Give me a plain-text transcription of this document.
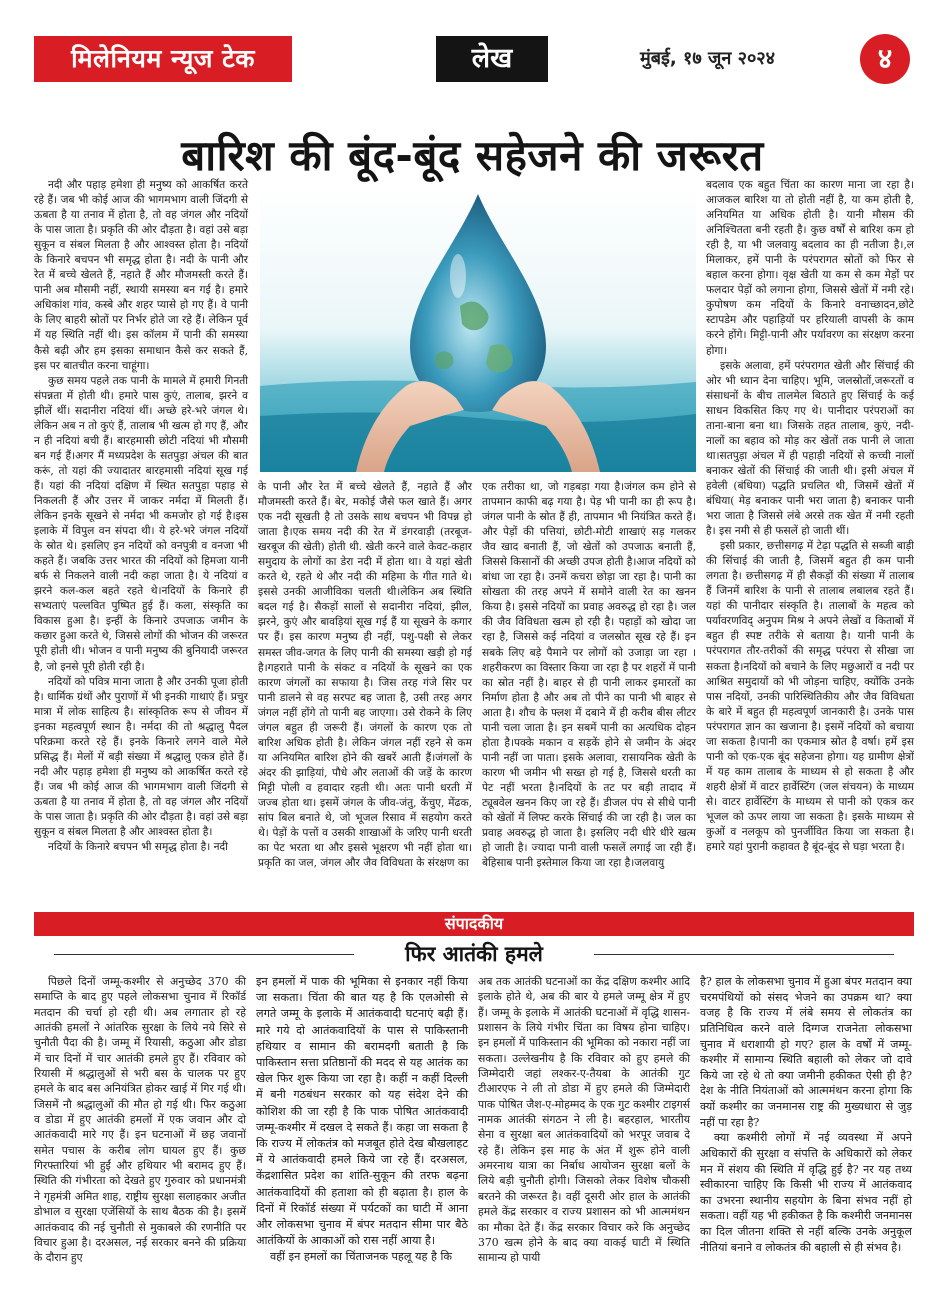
मिलेनियम न्यूज टेक	लेख	मुंबई, १७ जून २०२४	४
बारिश की बूंद-बूंद सहेजने की जरूरत

नदी और पहाड़ हमेशा ही मनुष्य को आकर्षित करते रहे हैं। जब भी कोई आज की भागमभाग वाली जिंदगी से ऊबता है या तनाव में होता है, तो वह जंगल और नदियों के पास जाता है। प्रकृति की ओर दौड़ता है। वहां उसे बड़ा सुकून व संबल मिलता है और आश्वस्त होता है। नदियों के किनारे बचपन भी समृद्ध होता है। नदी के पानी और रेत में बच्चे खेलते हैं, नहाते हैं और मौजमस्ती करते हैं।पानी अब मौसमी नहीं, स्थायी समस्या बन गई है। हमारे अधिकांश गांव, कस्बे और शहर प्यासे हो गए हैं। वे पानी के लिए बाहरी स्रोतों पर निर्भर होते जा रहे हैं। लेकिन पूर्व में यह स्थिति नहीं थी। इस कॉलम में पानी की समस्या कैसे बढ़ी और हम इसका समाधान कैसे कर सकते हैं, इस पर बातचीत करना चाहूंगा।

कुछ समय पहले तक पानी के मामले में हमारी गिनती संपन्नता में होती थी। हमारे पास कुएं, तालाब, झरने व झीलें थीं। सदानीरा नदियां थीं। अच्छे हरे-भरे जंगल थे। लेकिन अब न तो कुएं हैं, तालाब भी खत्म हो गए हैं, और न ही नदियां बची हैं। बारहमासी छोटी नदियां भी मौसमी बन गई हैं।अगर मैं मध्यप्रदेश के सतपुड़ा अंचल की बात करूं, तो यहां की ज्यादातर बारहमासी नदियां सूख गई हैं। यहां की नदियां दक्षिण में स्थित सतपुड़ा पहाड़ से निकलती हैं और उत्तर में जाकर नर्मदा में मिलती हैं। लेकिन इनके सूखने से नर्मदा भी कमजोर हो गई है।इस इलाके में विपुल वन संपदा थी। ये हरे-भरे जंगल नदियों के स्रोत थे। इसलिए इन नदियों को वनपुत्री व वनजा भी कहते हैं। जबकि उत्तर भारत की नदियों को हिमजा यानी बर्फ से निकलने वाली नदी कहा जाता है। ये नदियां व झरने कल-कल बहते रहते थे।नदियों के किनारे ही सभ्यताएं पल्लवित पुष्पित हुई हैं। कला, संस्कृति का विकास हुआ है। इन्हीं के किनारे उपजाऊ जमीन के कछार हुआ करते थे, जिससे लोगों की भोजन की जरूरत पूरी होती थी। भोजन व पानी मनुष्य की बुनियादी जरूरत है, जो इनसे पूरी होती रही है।

नदियों को पवित्र माना जाता है और उनकी पूजा होती है। धार्मिक ग्रंथों और पुराणों में भी इनकी गाथाएं हैं। प्रचुर मात्रा में लोक साहित्य है। सांस्कृतिक रूप से जीवन में इनका महत्वपूर्ण स्थान है। नर्मदा की तो श्रद्धालु पैदल परिक्रमा करते रहे हैं। इनके किनारे लगने वाले मेले प्रसिद्ध हैं। मेलों में बड़ी संख्या में श्रद्धालु एकत्र होते हैं।नदी और पहाड़ हमेशा ही मनुष्य को आकर्षित करते रहे हैं। जब भी कोई आज की भागमभाग वाली जिंदगी से ऊबता है या तनाव में होता है, तो वह जंगल और नदियों के पास जाता है। प्रकृति की ओर दौड़ता है। वहां उसे बड़ा सुकून व संबल मिलता है और आश्वस्त होता है।

नदियों के किनारे बचपन भी समृद्ध होता है। नदी

के पानी और रेत में बच्चे खेलते हैं, नहाते हैं और मौजमस्ती करते हैं। बेर, मकोई जैसे फल खाते हैं। अगर एक नदी सूखती है तो उसके साथ बचपन भी विपन्न हो जाता है।एक समय नदी की रेत में डंगरवाड़ी (तरबूज-खरबूज की खेती) होती थी. खेती करने वाले केवट-कहार समुदाय के लोगों का डेरा नदी में होता था। वे यहां खेती करते थे, रहते थे और नदी की महिमा के गीत गाते थे। इससे उनकी आजीविका चलती थी।लेकिन अब स्थिति बदल गई है। सैकड़ों सालों से सदानीरा नदियां, झील, झरने, कुएं और बावड़ियां सूख गई हैं या सूखने के कगार पर हैं। इस कारण मनुष्य ही नहीं, पशु-पक्षी से लेकर समस्त जीव-जगत के लिए पानी की समस्या खड़ी हो गई है।गहराते पानी के संकट व नदियों के सूखने का एक कारण जंगलों का सफाया है। जिस तरह गंजे सिर पर पानी डालने से वह सरपट बह जाता है, उसी तरह अगर जंगल नहीं होंगे तो पानी बह जाएगा। उसे रोकने के लिए जंगल बहुत ही जरूरी हैं। जंगलों के कारण एक तो बारिश अधिक होती है। लेकिन जंगल नहीं रहने से कम या अनियमित बारिश होने की खबरें आती हैं।जंगलों के अंदर की झाड़ियां, पौधे और लताओं की जड़ें के कारण मिट्टी पोली व हवादार रहती थी। अतः पानी धरती में जज्ब होता था। इसमें जंगल के जीव-जंतु, केंचुए, मेंढक, सांप बिल बनाते थे, जो भूजल रिसाव में सहयोग करते थे। पेड़ों के पत्तों व उसकी शाखाओं के जरिए पानी धरती का पेट भरता था और इससे भूक्षरण भी नहीं होता था। प्रकृति का जल, जंगल और जैव विविधता के संरक्षण का

एक तरीका था, जो गड़बड़ा गया है।जंगल कम होने से तापमान काफी बढ़ गया है। पेड़ भी पानी का ही रूप है। जंगल पानी के स्रोत हैं ही, तापमान भी नियंत्रित करते हैं। और पेड़ों की पत्तियां, छोटी-मोटी शाखाएं सड़ गलकर जैव खाद बनाती हैं, जो खेतों को उपजाऊ बनाती हैं, जिससे किसानों की अच्छी उपज होती है।आज नदियों को बांधा जा रहा है। उनमें कचरा छोड़ा जा रहा है। पानी का सोखता की तरह अपने में समोने वाली रेत का खनन किया है। इससे नदियों का प्रवाह अवरुद्ध हो रहा है। जल की जैव विविधता खत्म हो रही है। पहाड़ों को खोदा जा रहा है, जिससे कई नदियां व जलस्रोत सूख रहे हैं। इन सबके लिए बड़े पैमाने पर लोगों को उजाड़ा जा रहा ।शहरीकरण का विस्तार किया जा रहा है पर शहरों में पानी का स्रोत नहीं है। बाहर से ही पानी लाकर इमारतों का निर्माण होता है और अब तो पीने का पानी भी बाहर से आता है। शौच के फ्लश में दबाने में ही करीब बीस लीटर पानी चला जाता है। इन सबमें पानी का अत्यधिक दोहन होता है।पक्के मकान व सड़कें होने से जमीन के अंदर पानी नहीं जा पाता। इसके अलावा, रासायनिक खेती के कारण भी जमीन भी सख्त हो गई है, जिससे धरती का पेट नहीं भरता है।नदियों के तट पर बड़ी तादाद में ट्यूबवेल खनन किए जा रहे हैं। डीजल पंप से सीधे पानी को खेतों में लिफ्ट करके सिंचाई की जा रही है। जल का प्रवाह अवरुद्ध हो जाता है। इसलिए नदी धीरे धीरे खत्म हो जाती है। ज्यादा पानी वाली फसलें लगाई जा रही हैं। बेहिसाब पानी इस्तेमाल किया जा रहा है।जलवायु

बदलाव एक बहुत चिंता का कारण माना जा रहा है। आजकल बारिश या तो होती नहीं है, या कम होती है, अनियमित या अधिक होती है। यानी मौसम की अनिश्चितता बनी रहती है। कुछ वर्षों से बारिश कम हो रही है, या भी जलवायु बदलाव का ही नतीजा है।,ल मिलाकर, हमें पानी के परंपरागत स्रोतों को फिर से बहाल करना होगा। वृक्ष खेती या कम से कम मेड़ों पर फलदार पेड़ों को लगाना होगा, जिससे खेतों में नमी रहे। कुपोषण कम नदियों के किनारे वनाच्छादन,छोटे स्टापडेम और पहाड़ियों पर हरियाली वापसी के काम करने होंगे। मिट्टी-पानी और पर्यावरण का संरक्षण करना होगा।

इसके अलावा, हमें परंपरागत खेती और सिंचाई की ओर भी ध्यान देना चाहिए। भूमि, जलस्रोतों,जरूरतों व संसाधनों के बीच तालमेल बिठाते हुए सिंचाई के कई साधन विकसित किए गए थे। पानीदार परंपराओं का ताना-बाना बना था। जिसके तहत तालाब, कुएं, नदी-नालों का बहाव को मोड़ कर खेतों तक पानी ले जाता था।सतपुड़ा अंचल में ही पहाड़ी नदियों से कच्ची नालों बनाकर खेतों की सिंचाई की जाती थी। इसी अंचल में हवेली (बंधिया) पद्धति प्रचलित थी, जिसमें खेतों में बंधिया( मेड़ बनाकर पानी भरा जाता है) बनाकर पानी भरा जाता है जिससे लंबे अरसे तक खेत में नमी रहती है। इस नमी से ही फसलें हो जाती थीं।

इसी प्रकार, छत्तीसगढ़ में टेढ़ा पद्धति से सब्जी बाड़ी की सिंचाई की जाती है, जिसमें बहुत ही कम पानी लगता है। छत्तीसगढ़ में ही सैकड़ों की संख्या में तालाब हैं जिनमें बारिश के पानी से तालाब लबालब रहते हैं। यहां की पानीदार संस्कृति है। तालाबों के महत्व को पर्यावरणविद् अनुपम मिश्र ने अपने लेखों व किताबों में बहुत ही स्पष्ट तरीके से बताया है। यानी पानी के परंपरागत तौर-तरीकों की समृद्ध परंपरा से सीखा जा सकता है।नदियों को बचाने के लिए मछुआरों व नदी पर आश्रित समुदायों को भी जोड़ना चाहिए, क्योंकि उनके पास नदियों, उनकी पारिस्थितिकीय और जैव विविधता के बारे में बहुत ही महत्वपूर्ण जानकारी है। उनके पास परंपरागत ज्ञान का खजाना है। इसमें नदियों को बचाया जा सकता है।पानी का एकमात्र स्रोत है वर्षा। हमें इस पानी को एक-एक बूंद सहेजना होगा। यह ग्रामीण क्षेत्रों में यह काम तालाब के माध्यम से हो सकता है और शहरी क्षेत्रों में वाटर हार्वेस्टिंग (जल संचयन) के माध्यम से। वाटर हार्वेस्टिंग के माध्यम से पानी को एकत्र कर भूजल को ऊपर लाया जा सकता है। इसके माध्यम से कुओं व नलकूप को पुनर्जीवित किया जा सकता है। हमारे यहां पुरानी कहावत है बूंद-बूंद से घड़ा भरता है।

संपादकीय
फिर आतंकी हमले

पिछले दिनों जम्मू-कश्मीर से अनुच्छेद 370 की समाप्ति के बाद हुए पहले लोकसभा चुनाव में रिकॉर्ड मतदान की चर्चा हो रही थी। अब लगातार हो रहे आतंकी हमलों ने आंतरिक सुरक्षा के लिये नये सिरे से चुनौती पैदा की है। जम्मू में रियासी, कठुआ और डोडा में चार दिनों में चार आतंकी हमले हुए हैं। रविवार को रियासी में श्रद्धालुओं से भरी बस के चालक पर हुए हमले के बाद बस अनियंत्रित होकर खाई में गिर गई थी। जिसमें नौ श्रद्धालुओं की मौत हो गई थी। फिर कठुआ व डोडा में हुए आतंकी हमलों में एक जवान और दो आतंकवादी मारे गए हैं। इन घटनाओं में छह जवानों समेत पचास के करीब लोग घायल हुए हैं। कुछ गिरफ्तारियां भी हुईं और हथियार भी बरामद हुए हैं। स्थिति की गंभीरता को देखते हुए गुरुवार को प्रधानमंत्री ने गृहमंत्री अमित शाह, राष्ट्रीय सुरक्षा सलाहकार अजीत डोभाल व सुरक्षा एजेंसियों के साथ बैठक की है। इसमें आतंकवाद की नई चुनौती से मुकाबले की रणनीति पर विचार हुआ है। दरअसल, नई सरकार बनने की प्रक्रिया के दौरान हुए

इन हमलों में पाक की भूमिका से इनकार नहीं किया जा सकता। चिंता की बात यह है कि एलओसी से लगते जम्मू के इलाके में आतंकवादी घटनाएं बढ़ी हैं। मारे गये दो आतंकवादियों के पास से पाकिस्तानी हथियार व सामान की बरामदगी बताती है कि पाकिस्तान सत्ता प्रतिष्ठानों की मदद से यह आतंक का खेल फिर शुरू किया जा रहा है। कहीं न कहीं दिल्ली में बनी गठबंधन सरकार को यह संदेश देने की कोशिश की जा रही है कि पाक पोषित आतंकवादी जम्मू-कश्मीर में दखल दे सकते हैं। कहा जा सकता है कि राज्य में लोकतंत्र को मजबूत होते देख बौखलाहट में ये आतंकवादी हमले किये जा रहे हैं। दरअसल, केंद्रशासित प्रदेश का शांति-सुकून की तरफ बढ़ना आतंकवादियों की हताशा को ही बढ़ाता है। हाल के दिनों में रिकॉर्ड संख्या में पर्यटकों का घाटी में आना और लोकसभा चुनाव में बंपर मतदान सीमा पार बैठे आतंकियों के आकाओं को रास नहीं आया है।

वहीं इन हमलों का चिंताजनक पहलू यह है कि

अब तक आतंकी घटनाओं का केंद्र दक्षिण कश्मीर आदि इलाके होते थे, अब की बार ये हमले जम्मू क्षेत्र में हुए हैं। जम्मू के इलाके में आतंकी घटनाओं में वृद्धि शासन-प्रशासन के लिये गंभीर चिंता का विषय होना चाहिए। इन हमलों में पाकिस्तान की भूमिका को नकारा नहीं जा सकता। उल्लेखनीय है कि रविवार को हुए हमले की जिम्मेदारी जहां लश्कर-ए-तैयबा के आतंकी गुट टीआरएफ ने ली तो डोडा में हुए हमले की जिम्मेदारी पाक पोषित जैश-ए-मोहम्मद के एक गुट कश्मीर टाइगर्स नामक आतंकी संगठन ने ली है। बहरहाल, भारतीय सेना व सुरक्षा बल आतंकवादियों को भरपूर जवाब दे रहे हैं। लेकिन इस माह के अंत में शुरू होने वाली अमरनाथ यात्रा का निर्बाध आयोजन सुरक्षा बलों के लिये बड़ी चुनौती होगी। जिसको लेकर विशेष चौकसी बरतने की जरूरत है। वहीं दूसरी ओर हाल के आतंकी हमले केंद्र सरकार व राज्य प्रशासन को भी आत्ममंथन का मौका देते हैं। केंद्र सरकार विचार करे कि अनुच्छेद 370 खत्म होने के बाद क्या वाकई घाटी में स्थिति सामान्य हो पायी

है? हाल के लोकसभा चुनाव में हुआ बंपर मतदान क्या चरमपंथियों को संसद भेजने का उपक्रम था? क्या वजह है कि राज्य में लंबे समय से लोकतंत्र का प्रतिनिधित्व करने वाले दिग्गज राजनेता लोकसभा चुनाव में धराशायी हो गए? हाल के वर्षों में जम्मू-कश्मीर में सामान्य स्थिति बहाली को लेकर जो दावे किये जा रहे थे तो क्या जमीनी हकीकत ऐसी ही है? देश के नीति नियंताओं को आत्ममंथन करना होगा कि क्यों कश्मीर का जनमानस राष्ट्र की मुख्यधारा से जुड़ नहीं पा रहा है?

क्या कश्मीरी लोगों में नई व्यवस्था में अपने अधिकारों की सुरक्षा व संपत्ति के अधिकारों को लेकर मन में संशय की स्थिति में वृद्धि हुई है? नर यह तथ्य स्वीकारना चाहिए कि किसी भी राज्य में आतंकवाद का उभरना स्थानीय सहयोग के बिना संभव नहीं हो सकता। वहीं यह भी हकीकत है कि कश्मीरी जनमानस का दिल जीतना शक्ति से नहीं बल्कि उनके अनुकूल नीतियां बनाने व लोकतंत्र की बहाली से ही संभव है।
